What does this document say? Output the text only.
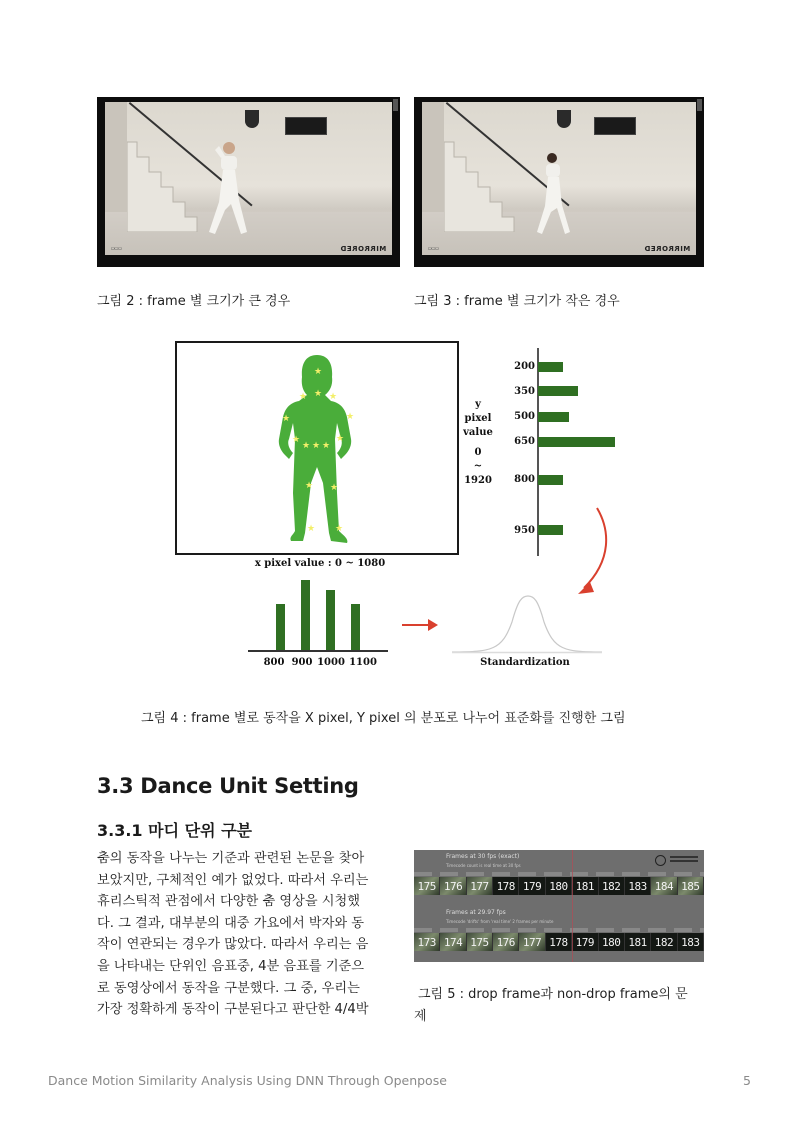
▭▭▭	MIRRORED
그림 2 : frame 별 크기가 큰 경우
▭▭▭	MIRRORED
그림 3 : frame 별 크기가 작은 경우
★
★
★ ★
★	★
★	★
★ ★ ★
★ ★
★ ★
y
pixel
value
0
~
1920
200
350
500
650
800
950
x pixel value : 0 ~ 1080
800 900 1000 1100	Standardization
그림 4 : frame 별로 동작을 X pixel, Y pixel 의 분포로 나누어 표준화를 진행한 그림
3.3 Dance Unit Setting
3.3.1 마디 단위 구분
춤의 동작을 나누는 기준과 관련된 논문을 찾아
보았지만, 구체적인 예가 없었다. 따라서 우리는
휴리스틱적 관점에서 다양한 춤 영상을 시청했
다. 그 결과, 대부분의 대중 가요에서 박자와 동
작이 연관되는 경우가 많았다. 따라서 우리는 음
을 나타내는 단위인 음표중, 4분 음표를 기준으
로 동영상에서 동작을 구분했다. 그 중, 우리는
가장 정확하게 동작이 구분된다고 판단한 4/4박
Frames at 30 fps (exact)
Timecode count is real time at 30 fps
175 176 177 178 179 180 181 182 183 184 185
Frames at 29.97 fps
Timecode 'drifts' from 'real time' 2 frames per minute
173 174 175 176 177 178 179 180 181 182 183
그림 5 : drop frame과 non-drop frame의 문
제
Dance Motion Similarity Analysis Using DNN Through Openpose	5
